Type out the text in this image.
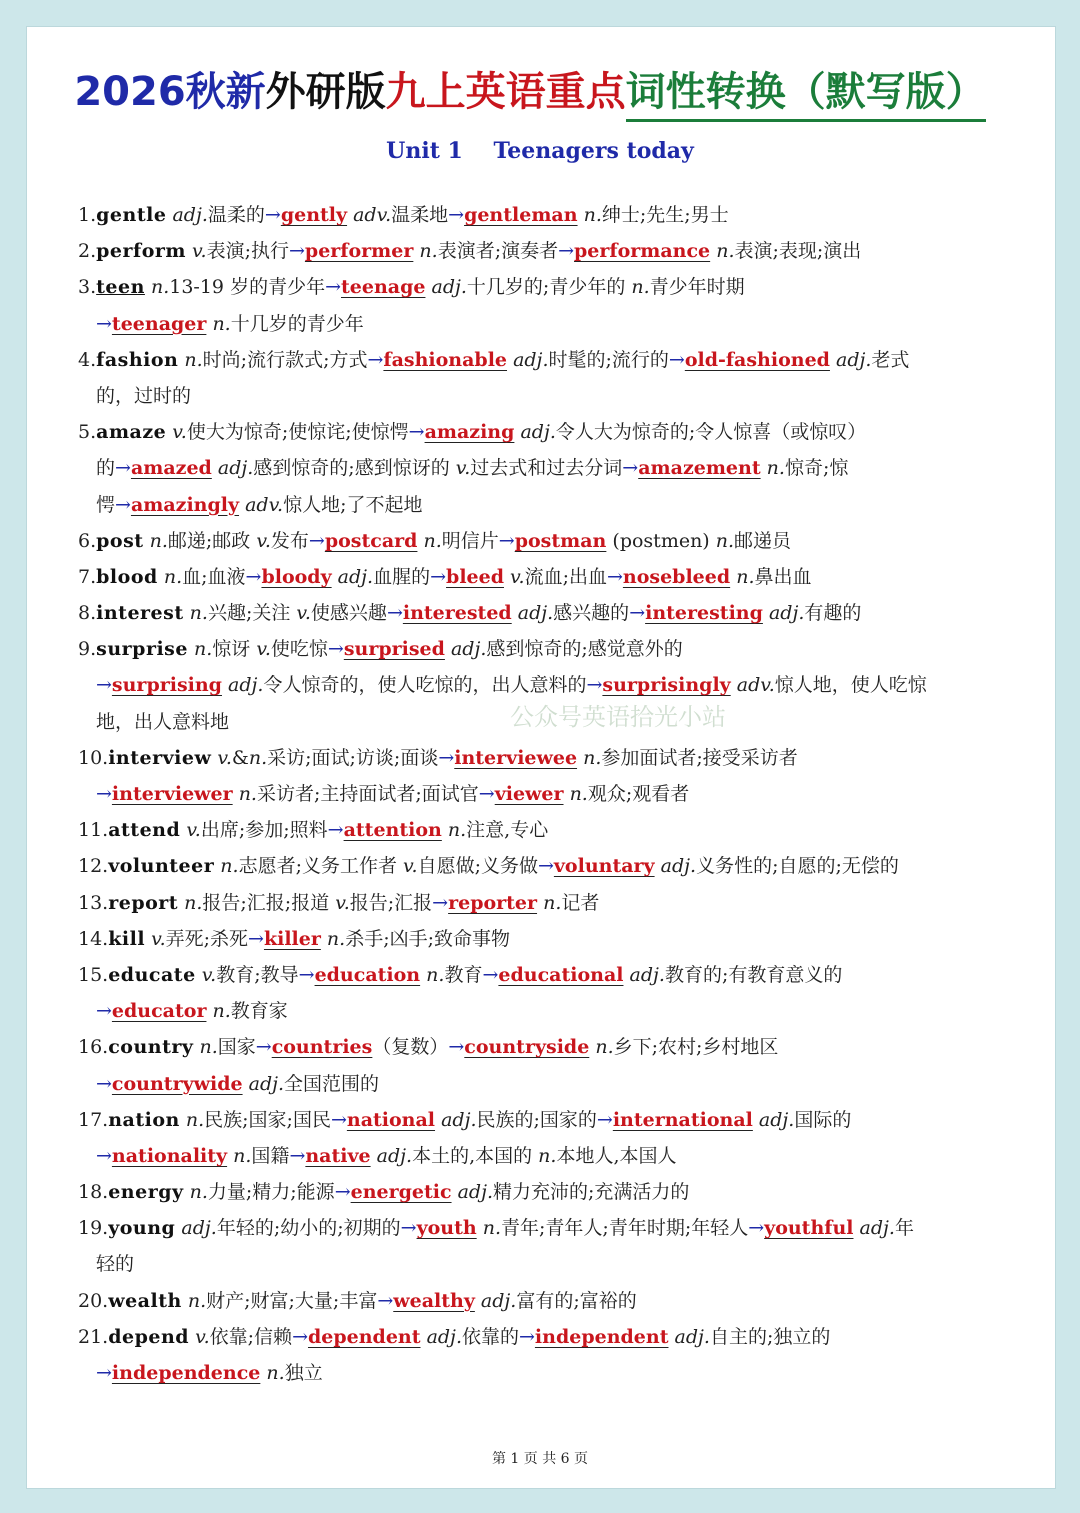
2026秋新外研版九上英语重点词性转换（默写版）
Unit 1    Teenagers today
1.gentle adj.温柔的→gently adv.温柔地→gentleman n.绅士;先生;男士
2.perform v.表演;执行→performer n.表演者;演奏者→performance n.表演;表现;演出
3.teen n.13-19 岁的青少年→teenage adj.十几岁的;青少年的 n.青少年时期
→teenager n.十几岁的青少年
4.fashion n.时尚;流行款式;方式→fashionable adj.时髦的;流行的→old-fashioned adj.老式
的，过时的
5.amaze v.使大为惊奇;使惊诧;使惊愕→amazing adj.令人大为惊奇的;令人惊喜（或惊叹）
的→amazed adj.感到惊奇的;感到惊讶的 v.过去式和过去分词→amazement n.惊奇;惊
愕→amazingly adv.惊人地;了不起地
6.post n.邮递;邮政 v.发布→postcard n.明信片→postman (postmen) n.邮递员
7.blood n.血;血液→bloody adj.血腥的→bleed v.流血;出血→nosebleed n.鼻出血
8.interest n.兴趣;关注 v.使感兴趣→interested adj.感兴趣的→interesting adj.有趣的
9.surprise n.惊讶 v.使吃惊→surprised adj.感到惊奇的;感觉意外的
→surprising adj.令人惊奇的，使人吃惊的，出人意料的→surprisingly adv.惊人地，使人吃惊
地，出人意料地
10.interview v.&n.采访;面试;访谈;面谈→interviewee n.参加面试者;接受采访者
→interviewer n.采访者;主持面试者;面试官→viewer n.观众;观看者
11.attend v.出席;参加;照料→attention n.注意,专心
12.volunteer n.志愿者;义务工作者 v.自愿做;义务做→voluntary adj.义务性的;自愿的;无偿的
13.report n.报告;汇报;报道 v.报告;汇报→reporter n.记者
14.kill v.弄死;杀死→killer n.杀手;凶手;致命事物
15.educate v.教育;教导→education n.教育→educational adj.教育的;有教育意义的
→educator n.教育家
16.country n.国家→countries（复数）→countryside n.乡下;农村;乡村地区
→countrywide adj.全国范围的
17.nation n.民族;国家;国民→national adj.民族的;国家的→international adj.国际的
→nationality n.国籍→native adj.本土的,本国的 n.本地人,本国人
18.energy n.力量;精力;能源→energetic adj.精力充沛的;充满活力的
19.young adj.年轻的;幼小的;初期的→youth n.青年;青年人;青年时期;年轻人→youthful adj.年
轻的
20.wealth n.财产;财富;大量;丰富→wealthy adj.富有的;富裕的
21.depend v.依靠;信赖→dependent adj.依靠的→independent adj.自主的;独立的
→independence n.独立
公众号英语拾光小站
第 1 页 共 6 页
